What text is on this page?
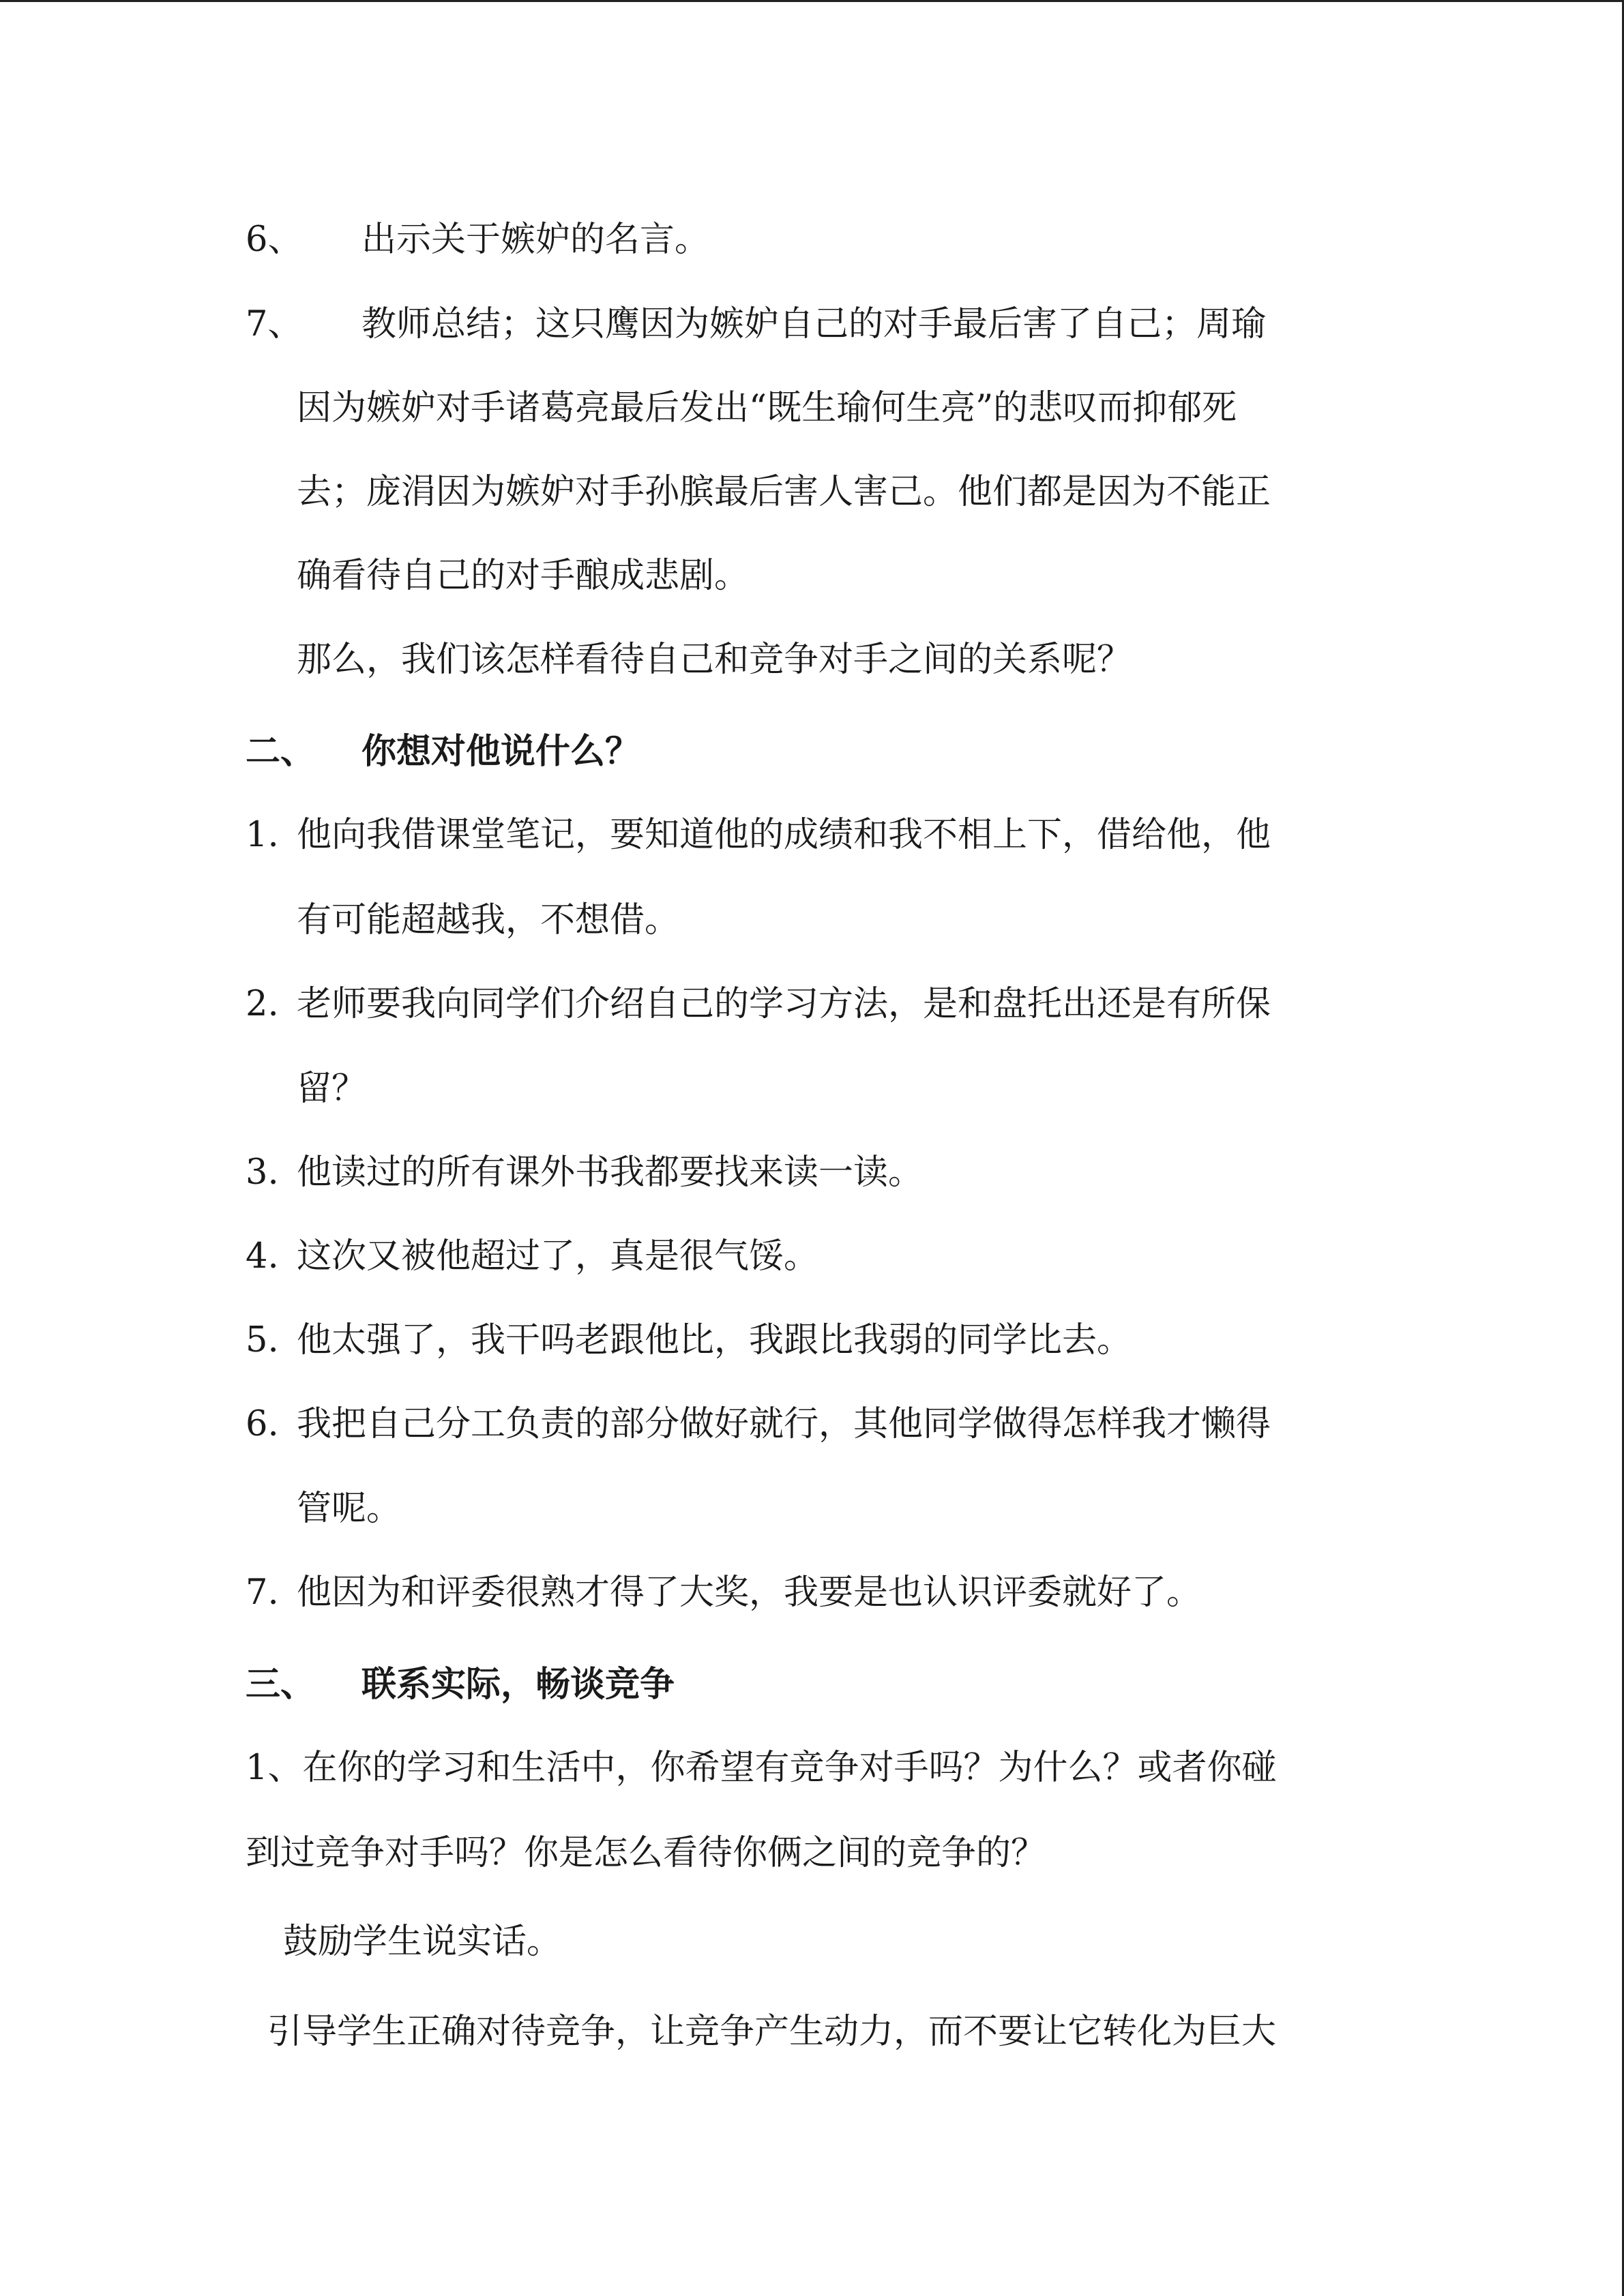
6、 出示关于嫉妒的名言。
7、 教师总结；这只鹰因为嫉妒自己的对手最后害了自己；周瑜
因为嫉妒对手诸葛亮最后发出“既生瑜何生亮”的悲叹而抑郁死
去；庞涓因为嫉妒对手孙膑最后害人害己。他们都是因为不能正
确看待自己的对手酿成悲剧。
那么，我们该怎样看待自己和竞争对手之间的关系呢？
二、 你想对他说什么？
1. 他向我借课堂笔记，要知道他的成绩和我不相上下，借给他，他
有可能超越我，不想借。
2. 老师要我向同学们介绍自己的学习方法，是和盘托出还是有所保
留？
3. 他读过的所有课外书我都要找来读一读。
4. 这次又被他超过了，真是很气馁。
5. 他太强了，我干吗老跟他比，我跟比我弱的同学比去。
6. 我把自己分工负责的部分做好就行，其他同学做得怎样我才懒得
管呢。
7. 他因为和评委很熟才得了大奖，我要是也认识评委就好了。
三、 联系实际，畅谈竞争
1、在你的学习和生活中，你希望有竞争对手吗？为什么？或者你碰
到过竞争对手吗？你是怎么看待你俩之间的竞争的？
鼓励学生说实话。
引导学生正确对待竞争，让竞争产生动力，而不要让它转化为巨大
